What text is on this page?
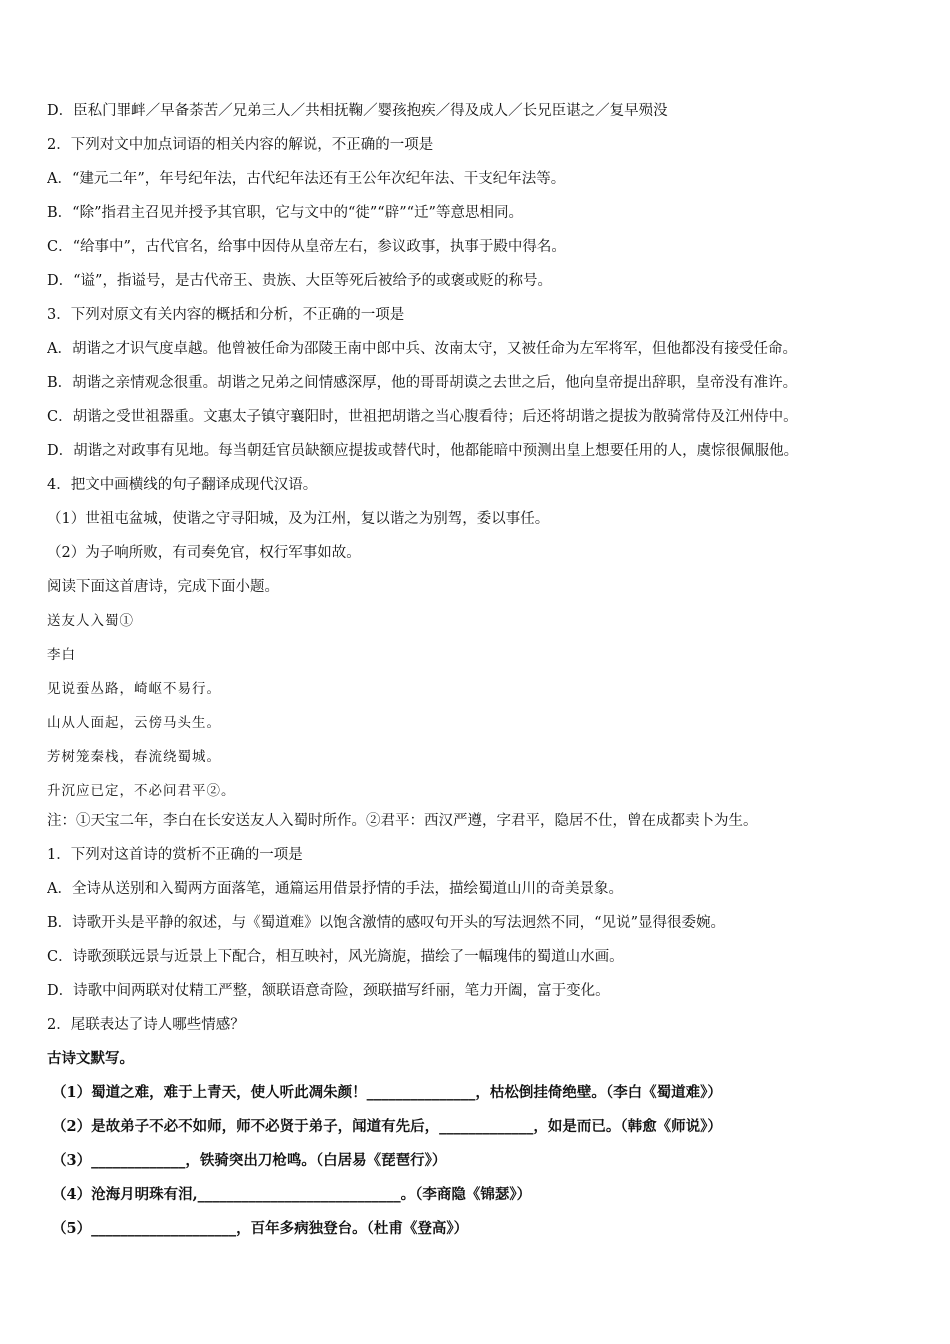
D．臣私门罪衅／早备荼苦／兄弟三人／共相抚鞠／婴孩抱疾／得及成人／长兄臣谌之／复早殒没
2．下列对文中加点词语的相关内容的解说，不正确的一项是
A．“建元二年”，年号纪年法，古代纪年法还有王公年次纪年法、干支纪年法等。
B．“除”指君主召见并授予其官职，它与文中的“徙”“辟”“迁”等意思相同。
C．“给事中”，古代官名，给事中因侍从皇帝左右，参议政事，执事于殿中得名。
D．“谥”，指谥号，是古代帝王、贵族、大臣等死后被给予的或褒或贬的称号。
3．下列对原文有关内容的概括和分析，不正确的一项是
A．胡谐之才识气度卓越。他曾被任命为邵陵王南中郎中兵、汝南太守，又被任命为左军将军，但他都没有接受任命。
B．胡谐之亲情观念很重。胡谐之兄弟之间情感深厚，他的哥哥胡谟之去世之后，他向皇帝提出辞职，皇帝没有准许。
C．胡谐之受世祖器重。文惠太子镇守襄阳时，世祖把胡谐之当心腹看待；后还将胡谐之提拔为散骑常侍及江州侍中。
D．胡谐之对政事有见地。每当朝廷官员缺额应提拔或替代时，他都能暗中预测出皇上想要任用的人，虞悰很佩服他。
4．把文中画横线的句子翻译成现代汉语。
（1）世祖屯盆城，使谐之守寻阳城，及为江州，复以谐之为别驾，委以事任。
（2）为子响所败，有司奏免官，权行军事如故。
阅读下面这首唐诗，完成下面小题。
送友人入蜀①
李白
见说蚕丛路，崎岖不易行。
山从人面起，云傍马头生。
芳树笼秦栈，春流绕蜀城。
升沉应已定，不必问君平②。
注：①天宝二年，李白在长安送友人入蜀时所作。②君平：西汉严遵，字君平，隐居不仕，曾在成都卖卜为生。
1．下列对这首诗的赏析不正确的一项是
A．全诗从送别和入蜀两方面落笔，通篇运用借景抒情的手法，描绘蜀道山川的奇美景象。
B．诗歌开头是平静的叙述，与《蜀道难》以饱含激情的感叹句开头的写法迥然不同，“见说”显得很委婉。
C．诗歌颈联远景与近景上下配合，相互映衬，风光旖旎，描绘了一幅瑰伟的蜀道山水画。
D．诗歌中间两联对仗精工严整，颔联语意奇险，颈联描写纤丽，笔力开阖，富于变化。
2．尾联表达了诗人哪些情感？
古诗文默写。
（1）蜀道之难，难于上青天，使人听此凋朱颜！_______________，枯松倒挂倚绝壁。（李白《蜀道难》）
（2）是故弟子不必不如师，师不必贤于弟子，闻道有先后，_____________，如是而已。（韩愈《师说》）
（3）_____________，铁骑突出刀枪鸣。（白居易《琵琶行》）
（4）沧海月明珠有泪,____________________________。（李商隐《锦瑟》）
（5）____________________，百年多病独登台。（杜甫《登高》）
